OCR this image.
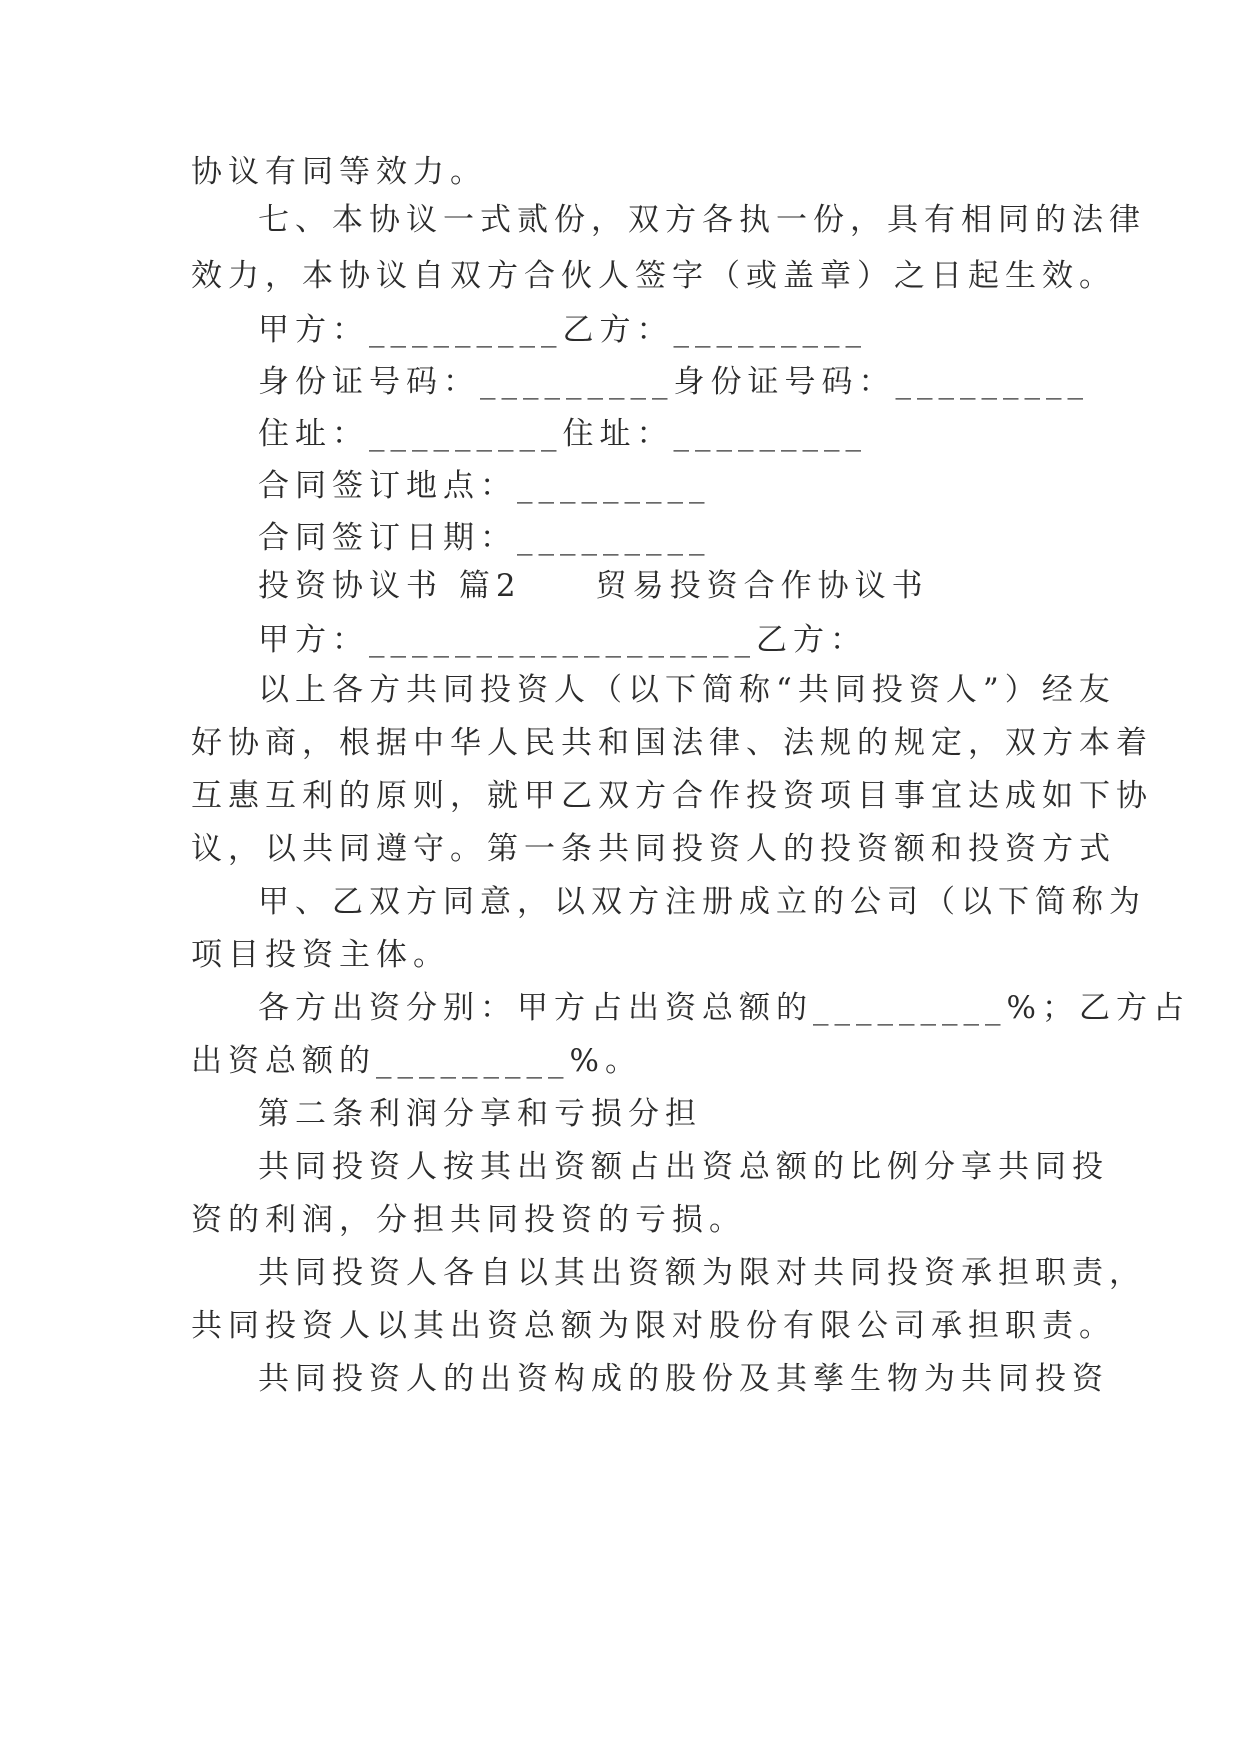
协议有同等效力。
七、本协议一式贰份，双方各执一份，具有相同的法律
效力，本协议自双方合伙人签字（或盖章）之日起生效。
甲方：_________乙方：_________
身份证号码：_________身份证号码：_________
住址：_________住址：_________
合同签订地点：_________
合同签订日期：_________
投资协议书 篇2　　贸易投资合作协议书
甲方：__________________乙方：
以上各方共同投资人（以下简称“共同投资人”）经友
好协商，根据中华人民共和国法律、法规的规定，双方本着
互惠互利的原则，就甲乙双方合作投资项目事宜达成如下协
议，以共同遵守。第一条共同投资人的投资额和投资方式
甲、乙双方同意，以双方注册成立的公司（以下简称为
项目投资主体。
各方出资分别：甲方占出资总额的_________%；乙方占
出资总额的_________%。
第二条利润分享和亏损分担
共同投资人按其出资额占出资总额的比例分享共同投
资的利润，分担共同投资的亏损。
共同投资人各自以其出资额为限对共同投资承担职责，
共同投资人以其出资总额为限对股份有限公司承担职责。
共同投资人的出资构成的股份及其孳生物为共同投资
